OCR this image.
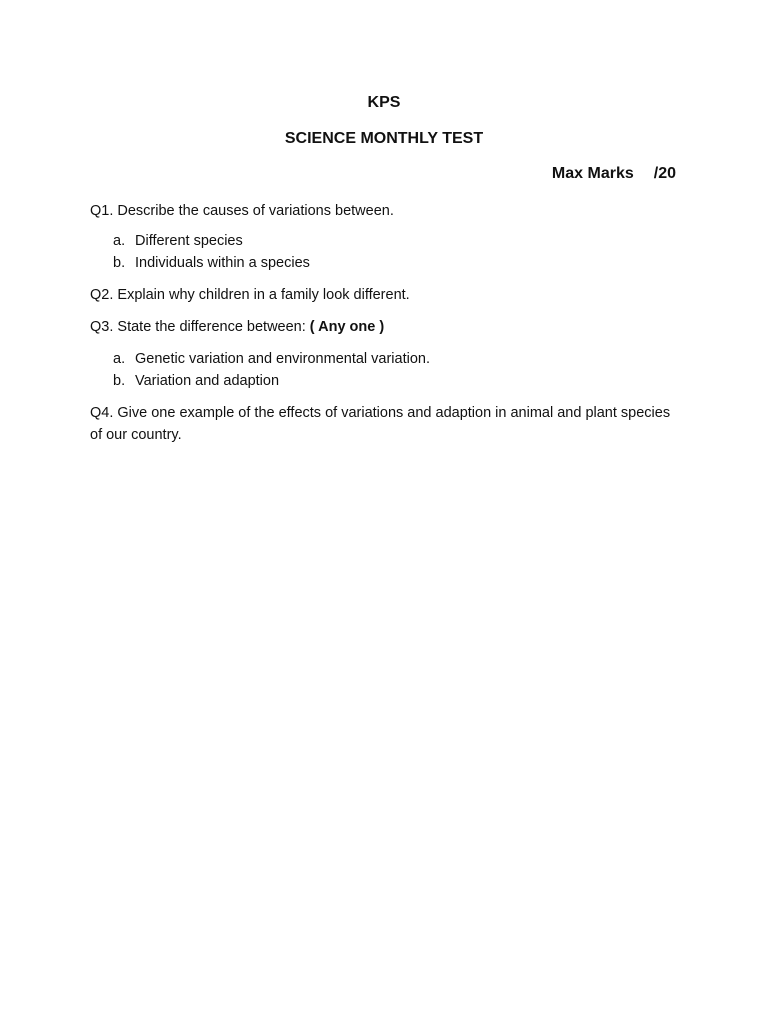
KPS
SCIENCE MONTHLY TEST
Max Marks /20

Q1. Describe the causes of variations between.

a. Different species
b. Individuals within a species

Q2. Explain why children in a family look different.

Q3. State the difference between: ( Any one )

a. Genetic variation and environmental variation.
b. Variation and adaption

Q4. Give one example of the effects of variations and adaption in animal and plant species of our country.
